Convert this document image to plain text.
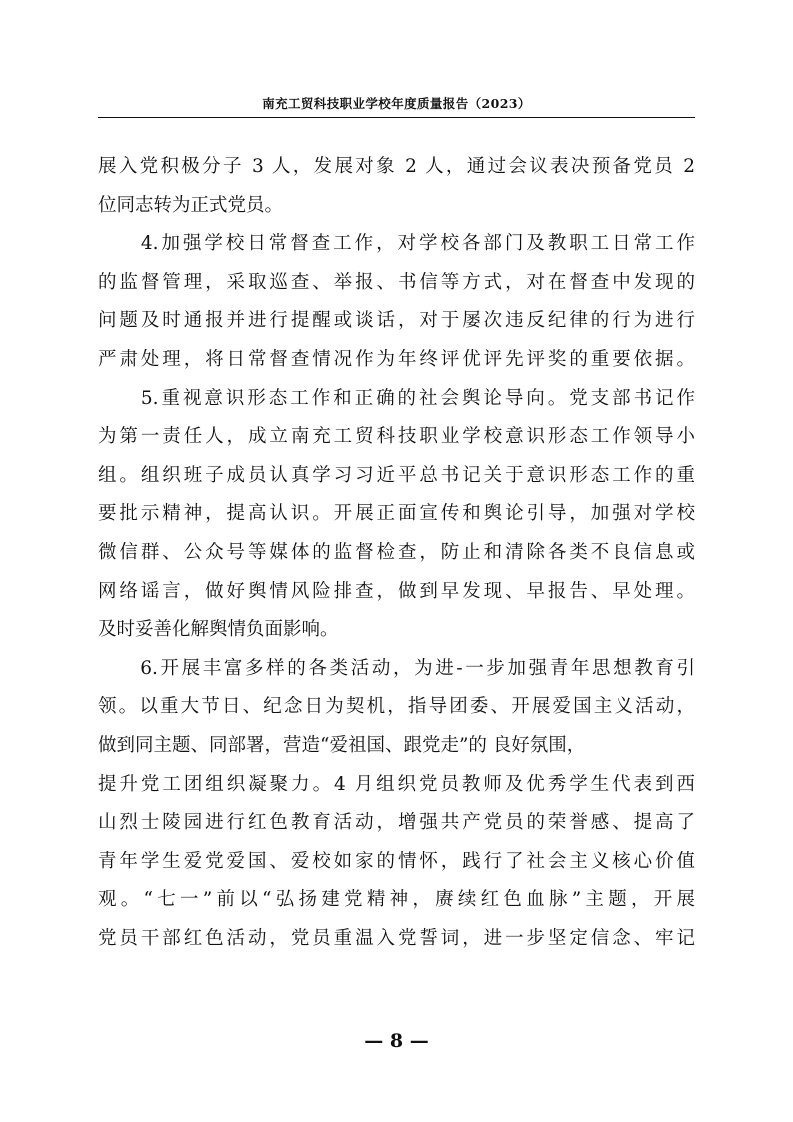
南充工贸科技职业学校年度质量报告（2023）
展入党积极分子 3 人，发展对象 2 人，通过会议表决预备党员 2
位同志转为正式党员。
　　4.加强学校日常督查工作，对学校各部门及教职工日常工作
的监督管理，采取巡查、举报、书信等方式，对在督查中发现的
问题及时通报并进行提醒或谈话，对于屡次违反纪律的行为进行
严肃处理，将日常督查情况作为年终评优评先评奖的重要依据。
　　5.重视意识形态工作和正确的社会舆论导向。党支部书记作
为第一责任人，成立南充工贸科技职业学校意识形态工作领导小
组。组织班子成员认真学习习近平总书记关于意识形态工作的重
要批示精神，提高认识。开展正面宣传和舆论引导，加强对学校
微信群、公众号等媒体的监督检查，防止和清除各类不良信息或
网络谣言，做好舆情风险排查，做到早发现、早报告、早处理。
及时妥善化解舆情负面影响。
　　6.开展丰富多样的各类活动，为进-一步加强青年思想教育引
领。以重大节日、纪念日为契机，指导团委、开展爱国主义活动，
做到同主题、同部署，营造“爱祖国、跟党走”的 良好氛围，
提升党工团组织凝聚力。4 月组织党员教师及优秀学生代表到西
山烈士陵园进行红色教育活动，增强共产党员的荣誉感、提高了
青年学生爱党爱国、爱校如家的情怀，践行了社会主义核心价值
观。“七一”前以“弘扬建党精神，赓续红色血脉”主题，开展
党员干部红色活动，党员重温入党誓词，进一步坚定信念、牢记
— 8 —
